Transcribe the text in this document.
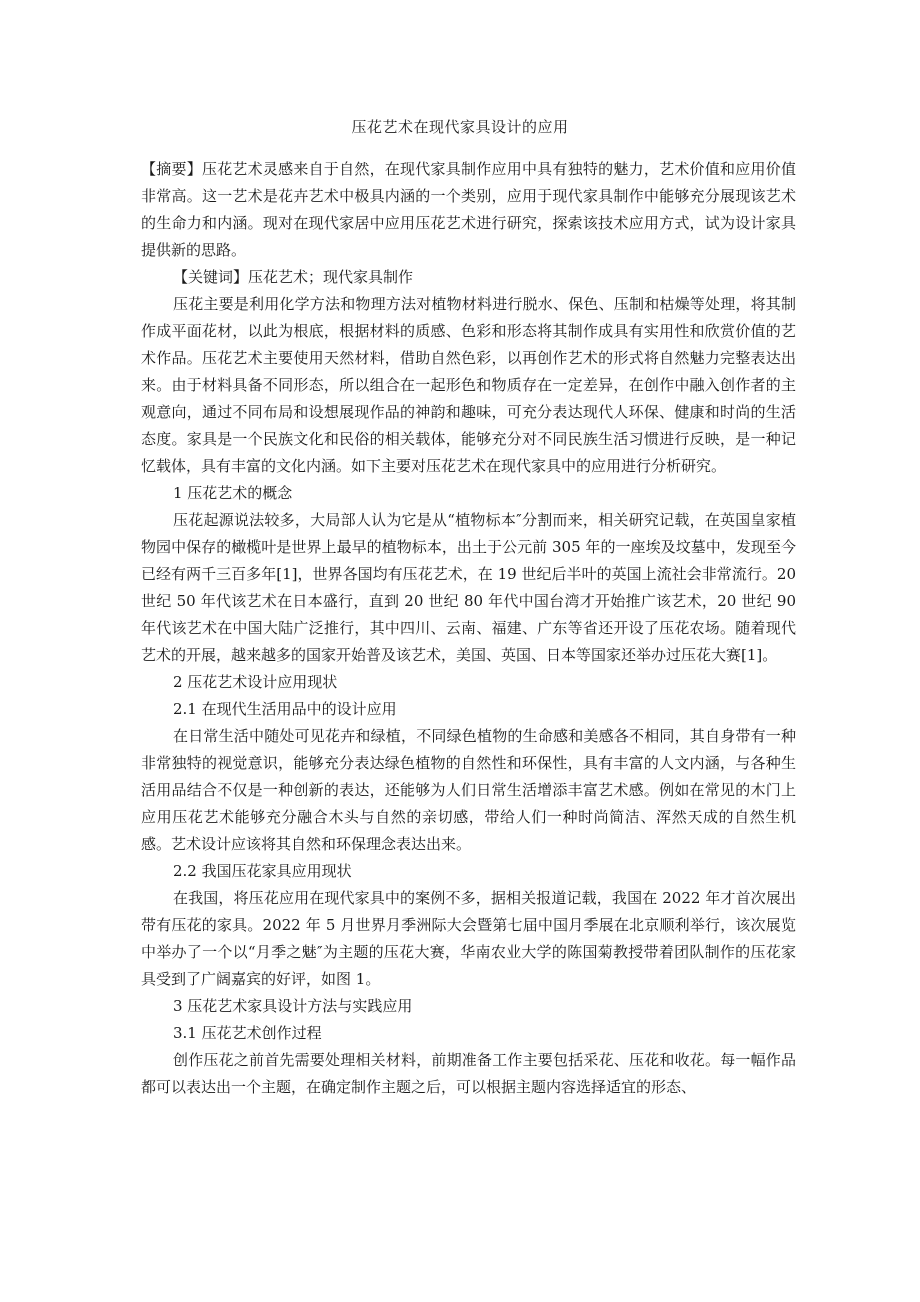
压花艺术在现代家具设计的应用

【摘要】压花艺术灵感来自于自然，在现代家具制作应用中具有独特的魅力，艺术价值和应用价值非常高。这一艺术是花卉艺术中极具内涵的一个类别，应用于现代家具制作中能够充分展现该艺术的生命力和内涵。现对在现代家居中应用压花艺术进行研究，探索该技术应用方式，试为设计家具提供新的思路。

【关键词】压花艺术；现代家具制作

压花主要是利用化学方法和物理方法对植物材料进行脱水、保色、压制和枯燥等处理，将其制作成平面花材，以此为根底，根据材料的质感、色彩和形态将其制作成具有实用性和欣赏价值的艺术作品。压花艺术主要使用天然材料，借助自然色彩，以再创作艺术的形式将自然魅力完整表达出来。由于材料具备不同形态，所以组合在一起形色和物质存在一定差异，在创作中融入创作者的主观意向，通过不同布局和设想展现作品的神韵和趣味，可充分表达现代人环保、健康和时尚的生活态度。家具是一个民族文化和民俗的相关载体，能够充分对不同民族生活习惯进行反映，是一种记忆载体，具有丰富的文化内涵。如下主要对压花艺术在现代家具中的应用进行分析研究。

1 压花艺术的概念

压花起源说法较多，大局部人认为它是从“植物标本″分割而来，相关研究记载，在英国皇家植物园中保存的橄榄叶是世界上最早的植物标本，出土于公元前 305 年的一座埃及坟墓中，发现至今已经有两千三百多年[1]，世界各国均有压花艺术，在 19 世纪后半叶的英国上流社会非常流行。20 世纪 50 年代该艺术在日本盛行，直到 20 世纪 80 年代中国台湾才开始推广该艺术，20 世纪 90 年代该艺术在中国大陆广泛推行，其中四川、云南、福建、广东等省还开设了压花农场。随着现代艺术的开展，越来越多的国家开始普及该艺术，美国、英国、日本等国家还举办过压花大赛[1]。

2 压花艺术设计应用现状

2.1 在现代生活用品中的设计应用

在日常生活中随处可见花卉和绿植，不同绿色植物的生命感和美感各不相同，其自身带有一种非常独特的视觉意识，能够充分表达绿色植物的自然性和环保性，具有丰富的人文内涵，与各种生活用品结合不仅是一种创新的表达，还能够为人们日常生活增添丰富艺术感。例如在常见的木门上应用压花艺术能够充分融合木头与自然的亲切感，带给人们一种时尚简洁、浑然天成的自然生机感。艺术设计应该将其自然和环保理念表达出来。

2.2 我国压花家具应用现状

在我国，将压花应用在现代家具中的案例不多，据相关报道记载，我国在 2022 年才首次展出带有压花的家具。2022 年 5 月世界月季洲际大会暨第七届中国月季展在北京顺利举行，该次展览中举办了一个以“月季之魅″为主题的压花大赛，华南农业大学的陈国菊教授带着团队制作的压花家具受到了广阔嘉宾的好评，如图 1。

3 压花艺术家具设计方法与实践应用

3.1 压花艺术创作过程

创作压花之前首先需要处理相关材料，前期准备工作主要包括采花、压花和收花。每一幅作品都可以表达出一个主题，在确定制作主题之后，可以根据主题内容选择适宜的形态、
